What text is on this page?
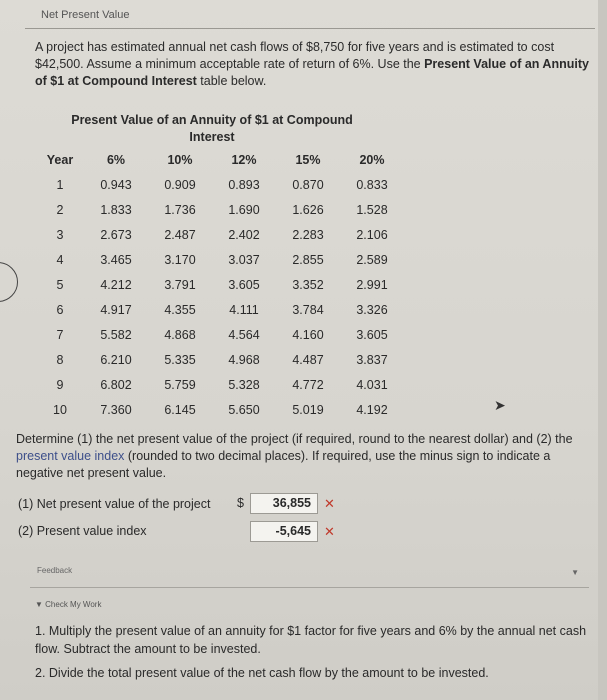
Net Present Value
A project has estimated annual net cash flows of $8,750 for five years and is estimated to cost $42,500. Assume a minimum acceptable rate of return of 6%. Use the Present Value of an Annuity of $1 at Compound Interest table below.
Present Value of an Annuity of $1 at Compound Interest
Year	6%	10%	12%	15%	20%
1	0.943	0.909	0.893	0.870	0.833
2	1.833	1.736	1.690	1.626	1.528
3	2.673	2.487	2.402	2.283	2.106
4	3.465	3.170	3.037	2.855	2.589
5	4.212	3.791	3.605	3.352	2.991
6	4.917	4.355	4.111	3.784	3.326
7	5.582	4.868	4.564	4.160	3.605
8	6.210	5.335	4.968	4.487	3.837
9	6.802	5.759	5.328	4.772	4.031
10	7.360	6.145	5.650	5.019	4.192	➤
Determine (1) the net present value of the project (if required, round to the nearest dollar) and (2) the present value index (rounded to two decimal places). If required, use the minus sign to indicate a negative net present value.
(1) Net present value of the project $	36,855	✕
(2) Present value index	-5,645	✕
Feedback	▼
▼ Check My Work

1. Multiply the present value of an annuity for $1 factor for five years and 6% by the annual net cash flow. Subtract the amount to be invested.

2. Divide the total present value of the net cash flow by the amount to be invested.
